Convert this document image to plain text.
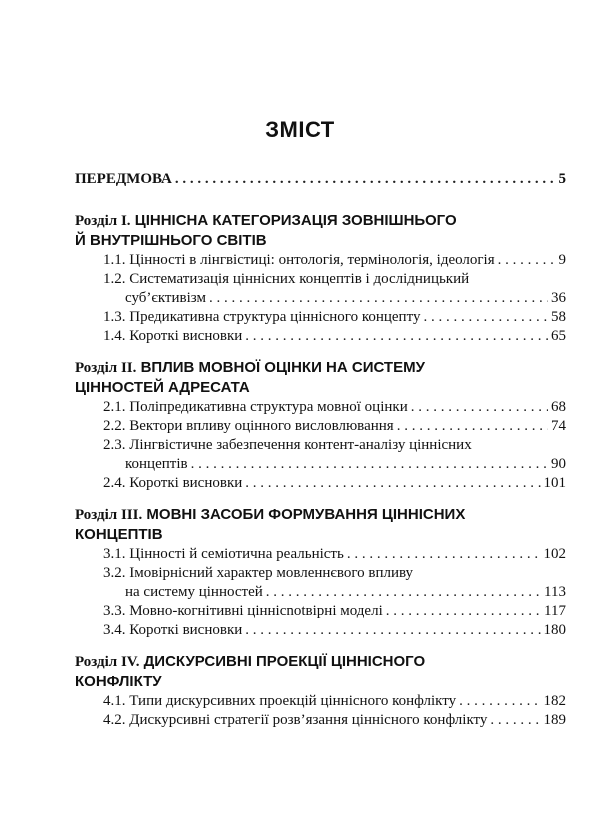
ЗМІСТ
ПЕРЕДМОВА . . .	5
Розділ І. ЦІННІСНА КАТЕГОРИЗАЦІЯ ЗОВНІШНЬОГО
Й ВНУТРІШНЬОГО СВІТІВ
1.1. Цінності в лінгвістиці: онтологія, термінологія, ідеологія . . .	9
1.2. Систематизація ціннісних концептів і дослідницький
суб’єктивізм . . .	36
1.3. Предикативна структура ціннісного концепту . . .	58
1.4. Короткі висновки . . .	65
Розділ ІІ. ВПЛИВ МОВНОЇ ОЦІНКИ НА СИСТЕМУ
ЦІННОСТЕЙ АДРЕСАТА
2.1. Поліпредикативна структура мовної оцінки . . .	68
2.2. Вектори впливу оцінного висловлювання . . .	74
2.3. Лінгвістичне забезпечення контент-аналізу ціннісних
концептів . . .	90
2.4. Короткі висновки . . .	101
Розділ ІІІ. МОВНІ ЗАСОБИ ФОРМУВАННЯ ЦІННІСНИХ
КОНЦЕПТІВ
3.1. Цінності й семіотична реальність . . .	102
3.2. Імовірнісний характер мовленнєвого впливу
на систему цінностей . . .	113
3.3. Мовно-когнітивні ціннісnotвірні моделі . . .	117
3.4. Короткі висновки . . .	180
Розділ IV. ДИСКУРСИВНІ ПРОЕКЦІЇ ЦІННІСНОГО
КОНФЛІКТУ
4.1. Типи дискурсивних проекцій ціннісного конфлікту . . .	182
4.2. Дискурсивні стратегії розв’язання ціннісного конфлікту . . .	189
